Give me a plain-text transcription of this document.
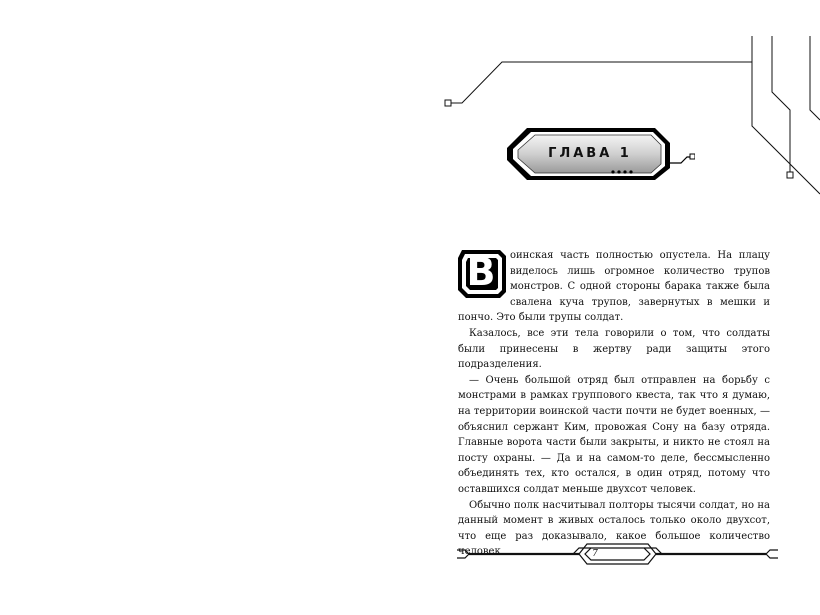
ГЛАВА 1
В	оинская часть полностью опустела. На плацу виделось лишь огромное количество трупов монстров. С одной стороны барака также была свалена куча трупов, завернутых в мешки и пончо. Это были трупы солдат.

Казалось, все эти тела говорили о том, что солдаты были принесены в жертву ради защиты этого подразделения.

— Очень большой отряд был отправлен на борьбу с монстрами в рамках группового квеста, так что я думаю, на территории воинской части почти не будет военных, — объяснил сержант Ким, провожая Сону на базу отряда. Главные ворота части были закрыты, и никто не стоял на посту охраны. — Да и на самом-то деле, бессмысленно объединять тех, кто остался, в один отряд, потому что оставшихся солдат меньше двухсот человек.

Обычно полк насчитывал полторы тысячи солдат, но на данный момент в живых осталось только около двухсот, что еще раз доказывало, какое большое количество человек	7
